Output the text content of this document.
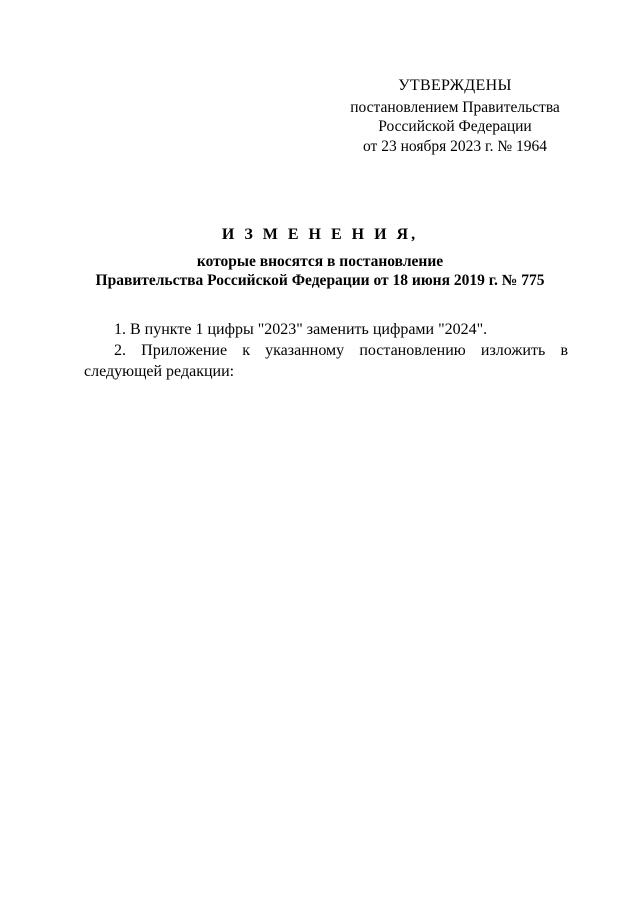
УТВЕРЖДЕНЫ
постановлением Правительства
Российской Федерации
от 23 ноября 2023 г. № 1964
И З М Е Н Е Н И Я,
которые вносятся в постановление
Правительства Российской Федерации от 18 июня 2019 г. № 775

1. В пункте 1 цифры "2023" заменить цифрами "2024".

2. Приложение к указанному постановлению изложить в следующей редакции:
